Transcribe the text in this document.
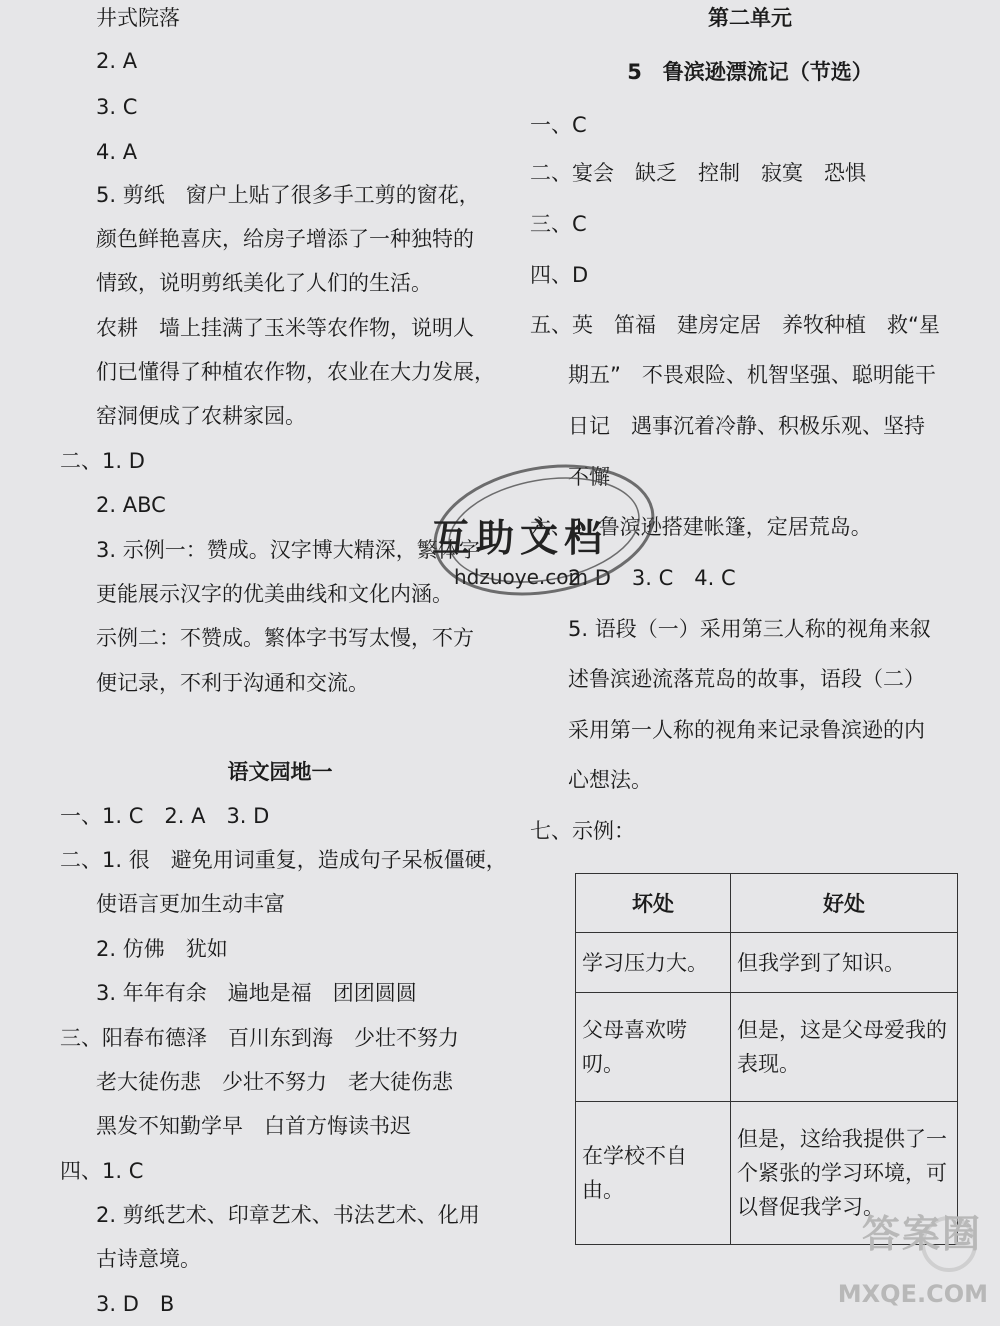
井式院落
2. A
3. C
4. A
5. 剪纸　窗户上贴了很多手工剪的窗花，
颜色鲜艳喜庆，给房子增添了一种独特的
情致，说明剪纸美化了人们的生活。
农耕　墙上挂满了玉米等农作物，说明人
们已懂得了种植农作物，农业在大力发展，
窑洞便成了农耕家园。
二、1. D
2. ABC
3. 示例一：赞成。汉字博大精深，繁体字
更能展示汉字的优美曲线和文化内涵。
示例二：不赞成。繁体字书写太慢，不方
便记录，不利于沟通和交流。
语文园地一
一、1. C　2. A　3. D
二、1. 很　避免用词重复，造成句子呆板僵硬，
使语言更加生动丰富
2. 仿佛　犹如
3. 年年有余　遍地是福　团团圆圆
三、阳春布德泽　百川东到海　少壮不努力
老大徒伤悲　少壮不努力　老大徒伤悲
黑发不知勤学早　白首方悔读书迟
四、1. C
2. 剪纸艺术、印章艺术、书法艺术、化用
古诗意境。
3. D　B
第二单元
5　鲁滨逊漂流记（节选）
一、C
二、宴会　缺乏　控制　寂寞　恐惧
三、C
四、D
五、英　笛福　建房定居　养牧种植　救“星
期五”　不畏艰险、机智坚强、聪明能干
日记　遇事沉着冷静、积极乐观、坚持
不懈
六、1. 鲁滨逊搭建帐篷，定居荒岛。
2. D　3. C　4. C
5. 语段（一）采用第三人称的视角来叙
述鲁滨逊流落荒岛的故事，语段（二）
采用第一人称的视角来记录鲁滨逊的内
心想法。
七、示例：
坏处	好处
学习压力大。	但我学到了知识。
父母喜欢唠叨。	但是，这是父母爱我的表现。
在学校不自由。	但是，这给我提供了一个紧张的学习环境，可以督促我学习。
互助文档
hdzuoye.com
答案圈
MXQE.COM
